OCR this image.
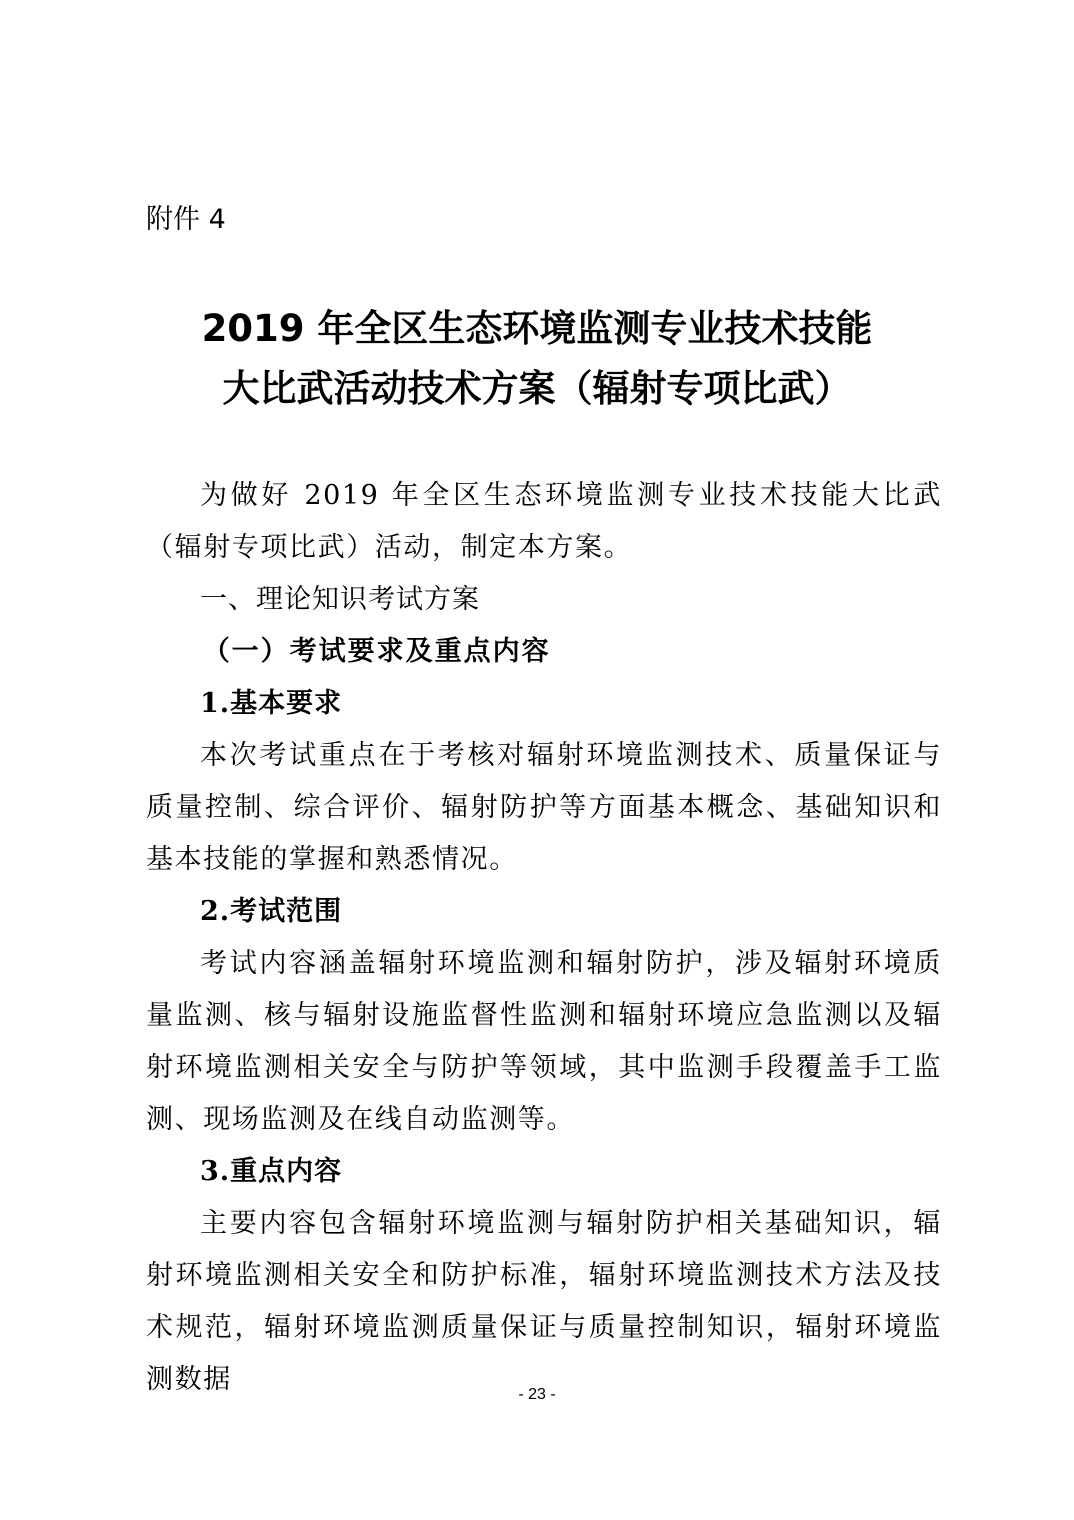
附件 4
2019 年全区生态环境监测专业技术技能
大比武活动技术方案（辐射专项比武）

为做好 2019 年全区生态环境监测专业技术技能大比武（辐射专项比武）活动，制定本方案。

一、理论知识考试方案

（一）考试要求及重点内容

1.基本要求

本次考试重点在于考核对辐射环境监测技术、质量保证与质量控制、综合评价、辐射防护等方面基本概念、基础知识和基本技能的掌握和熟悉情况。

2.考试范围

考试内容涵盖辐射环境监测和辐射防护，涉及辐射环境质量监测、核与辐射设施监督性监测和辐射环境应急监测以及辐射环境监测相关安全与防护等领域，其中监测手段覆盖手工监测、现场监测及在线自动监测等。

3.重点内容

主要内容包含辐射环境监测与辐射防护相关基础知识，辐射环境监测相关安全和防护标准，辐射环境监测技术方法及技术规范，辐射环境监测质量保证与质量控制知识，辐射环境监测数据	- 23 -
